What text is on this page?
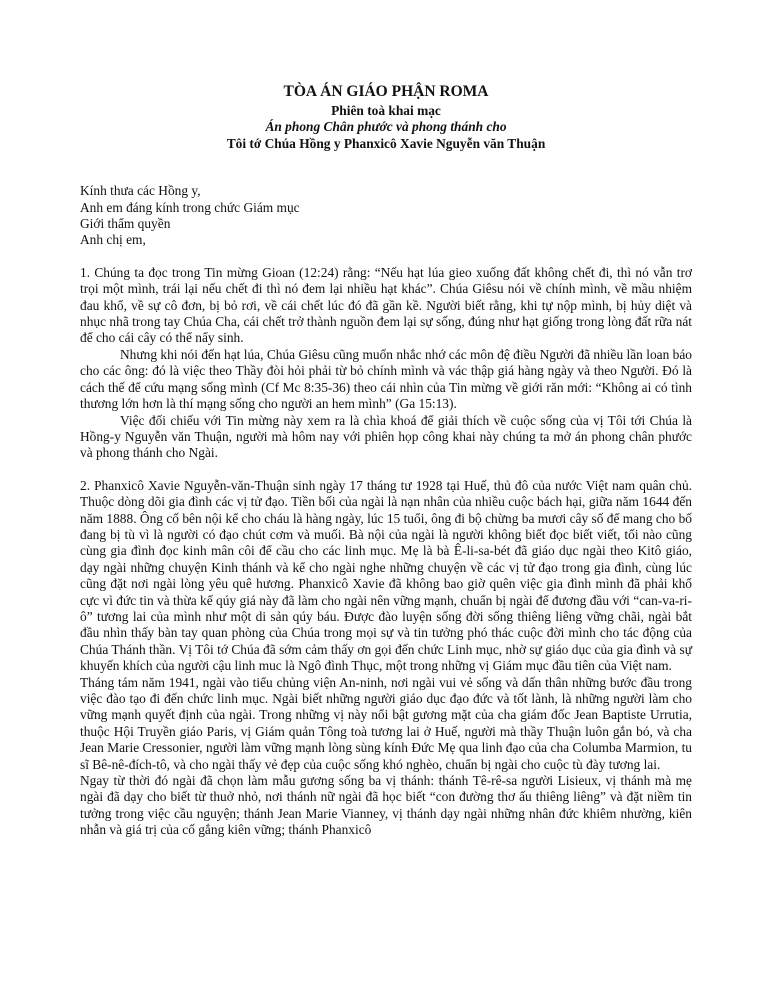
TÒA ÁN GIÁO PHẬN ROMA
Phiên toà khai mạc
Án phong Chân phước và phong thánh cho
Tôi tớ Chúa Hồng y Phanxicô Xavie Nguyễn văn Thuận
Kính thưa các Hồng y,
Anh em đáng kính trong chức Giám mục
Giới thẩm quyền
Anh chị em,

1. Chúng ta đọc trong Tin mừng Gioan (12:24) rằng: “Nếu hạt lúa gieo xuống đất không chết đi, thì nó vẫn trơ trọi một mình, trái lại nếu chết đi thì nó đem lại nhiều hạt khác”. Chúa Giêsu nói về chính mình, về mầu nhiệm đau khổ, về sự cô đơn, bị bỏ rơi, về cái chết lúc đó đã gần kề. Người biết rằng, khi tự nộp mình, bị hủy diệt và nhục nhã trong tay Chúa Cha, cái chết trở thành nguồn đem lại sự sống, đúng như hạt giống trong lòng đất rữa nát để cho cái cây có thể nẩy sinh.

Nhưng khi nói đến hạt lúa, Chúa Giêsu cũng muốn nhắc nhớ các môn đệ điều Người đã nhiều lần loan báo cho các ông: đó là việc theo Thầy đòi hỏi phải từ bỏ chính mình và vác thập giá hàng ngày và theo Người. Đó là cách thế để cứu mạng sống mình (Cf Mc 8:35-36) theo cái nhìn của Tin mừng về giới răn mới: “Không ai có tình thương lớn hơn là thí mạng sống cho người an hem mình” (Ga 15:13).

Việc đối chiếu với Tin mừng này xem ra là chìa khoá để giải thích về cuộc sống của vị Tôi tới Chúa là Hồng-y Nguyễn văn Thuận, người mà hôm nay với phiên họp công khai này chúng ta mở án phong chân phước và phong thánh cho Ngài.

2. Phanxicô Xavie Nguyễn-văn-Thuận sinh ngày 17 tháng tư 1928 tại Huế, thủ đô của nước Việt nam quân chủ. Thuộc dòng dõi gia đình các vị tử đạo. Tiền bối của ngài là nạn nhân của nhiều cuộc bách hại, giữa năm 1644 đến năm 1888. Ông cố bên nội kể cho cháu là hàng ngày, lúc 15 tuổi, ông đi bộ chừng ba mươi cây số để mang cho bố đang bị tù vì là người có đạo chút cơm và muối. Bà nội của ngài là người không biết đọc biết viết, tối nào cũng cùng gia đình đọc kinh mân côi để cầu cho các linh mục. Mẹ là bà Ê-li-sa-bét đã giáo dục ngài theo Kitô giáo, dạy ngài những chuyện Kinh thánh và kể cho ngài nghe những chuyện về các vị tử đạo trong gia đình, cùng lúc cũng đặt nơi ngài lòng yêu quê hương. Phanxicô Xavie đã không bao giờ quên việc gia đình mình đã phải khổ cực vì đức tin và thừa kế qúy giá này đã làm cho ngài nên vững mạnh, chuẩn bị ngài để đương đầu với “can-va-ri-ô” tương lai của mình như một di sản qúy báu. Được đào luyện sống đời sống thiêng liêng vững chãi, ngài bắt đầu nhìn thấy bàn tay quan phòng của Chúa trong mọi sự và tin tưởng phó thác cuộc đời mình cho tác động của Chúa Thánh thần. Vị Tôi tớ Chúa đã sớm cảm thấy ơn gọi đến chức Linh mục, nhờ sự giáo dục của gia đình và sự khuyến khích của người cậu linh muc là Ngô đình Thục, một trong những vị Giám mục đầu tiên của Việt nam.

Tháng tám năm 1941, ngài vào tiểu chủng viện An-ninh, nơi ngài vui vẻ sống và dấn thân những bước đầu trong việc đào tạo đi đến chức linh mục. Ngài biết những người giáo dục đạo đức và tốt lành, là những người làm cho vững mạnh quyết định của ngài. Trong những vị này nổi bật gương mặt của cha giám đốc Jean Baptiste Urrutia, thuộc Hội Truyền giáo Paris, vị Giám quản Tông toà tương lai ở Huế, người mà thầy Thuận luôn gắn bó, và cha Jean Marie Cressonier, người làm vững mạnh lòng sùng kính Đức Mẹ qua linh đạo của cha Columba Marmion, tu sĩ Bê-nê-đích-tô, và cho ngài thấy vẻ đẹp của cuộc sống khó nghèo, chuẩn bị ngài cho cuộc tù đày tương lai.

Ngay từ thời đó ngài đã chọn làm mẫu gương sống ba vị thánh: thánh Tê-rê-sa người Lisieux, vị thánh mà mẹ ngài đã dạy cho biết từ thuở nhỏ, nơi thánh nữ ngài đã học biết “con đường thơ ấu thiêng liêng” và đặt niềm tin tưởng trong việc cầu nguyện; thánh Jean Marie Vianney, vị thánh dạy ngài những nhân đức khiêm nhường, kiên nhẫn và giá trị của cố gắng kiên vững; thánh Phanxicô
